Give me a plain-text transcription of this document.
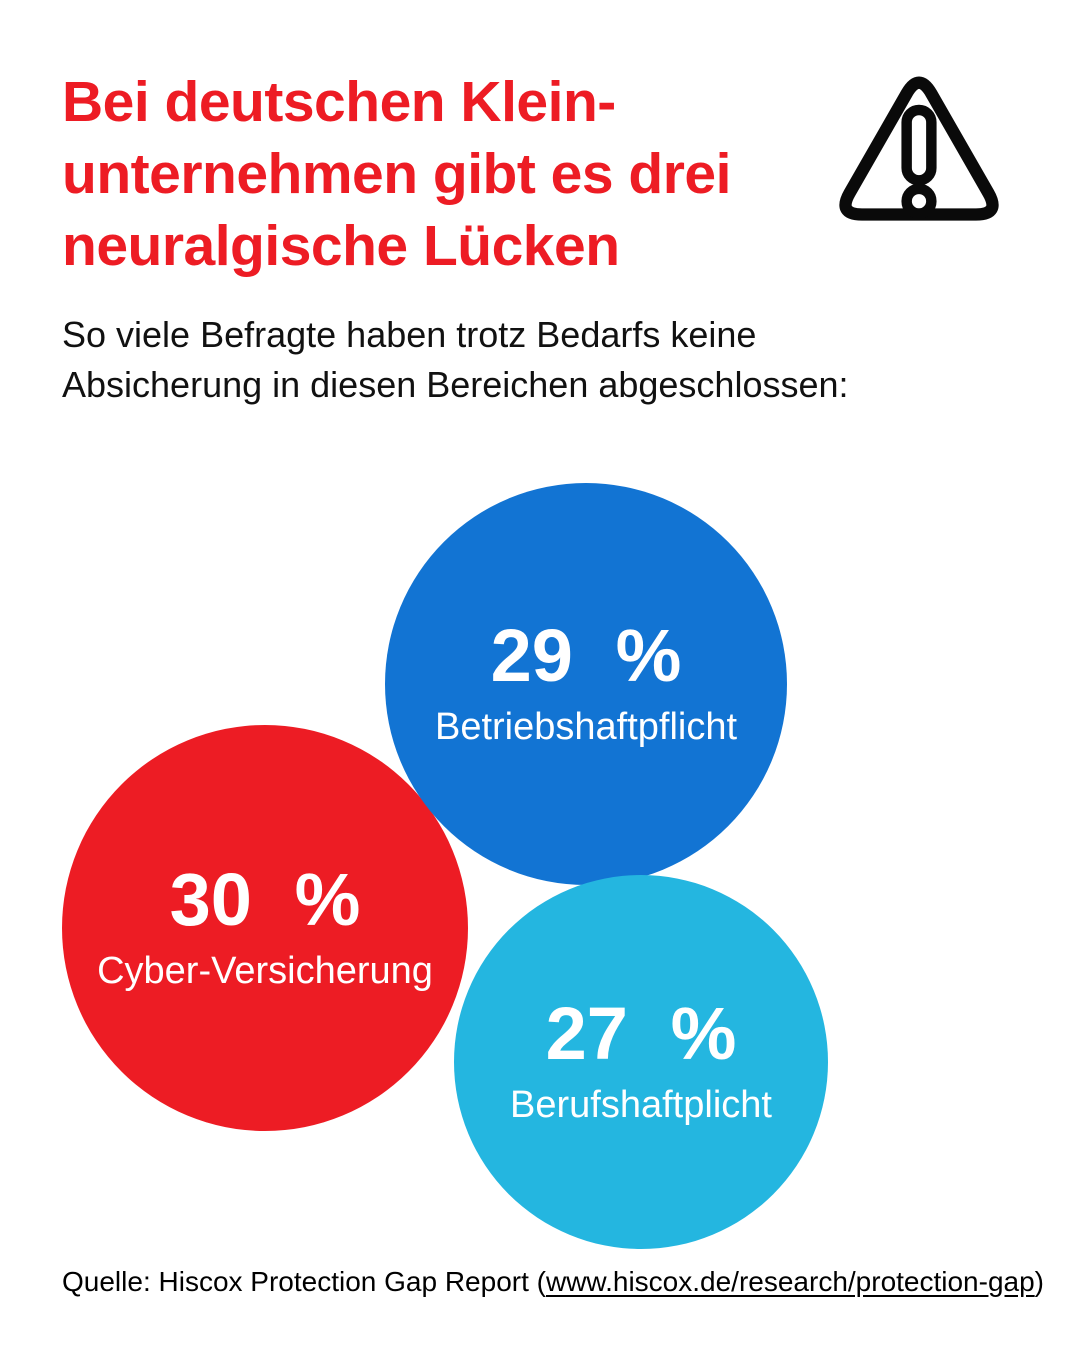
Bei deutschen Klein-
unternehmen gibt es drei
neuralgische Lücken
So viele Befragte haben trotz Bedarfs keine
Absicherung in diesen Bereichen abgeschlossen:
30 %
Cyber-Versicherung
29 %
Betriebshaftpflicht
27 %
Berufshaftplicht
Quelle: Hiscox Protection Gap Report (www.hiscox.de/research/protection-gap)
